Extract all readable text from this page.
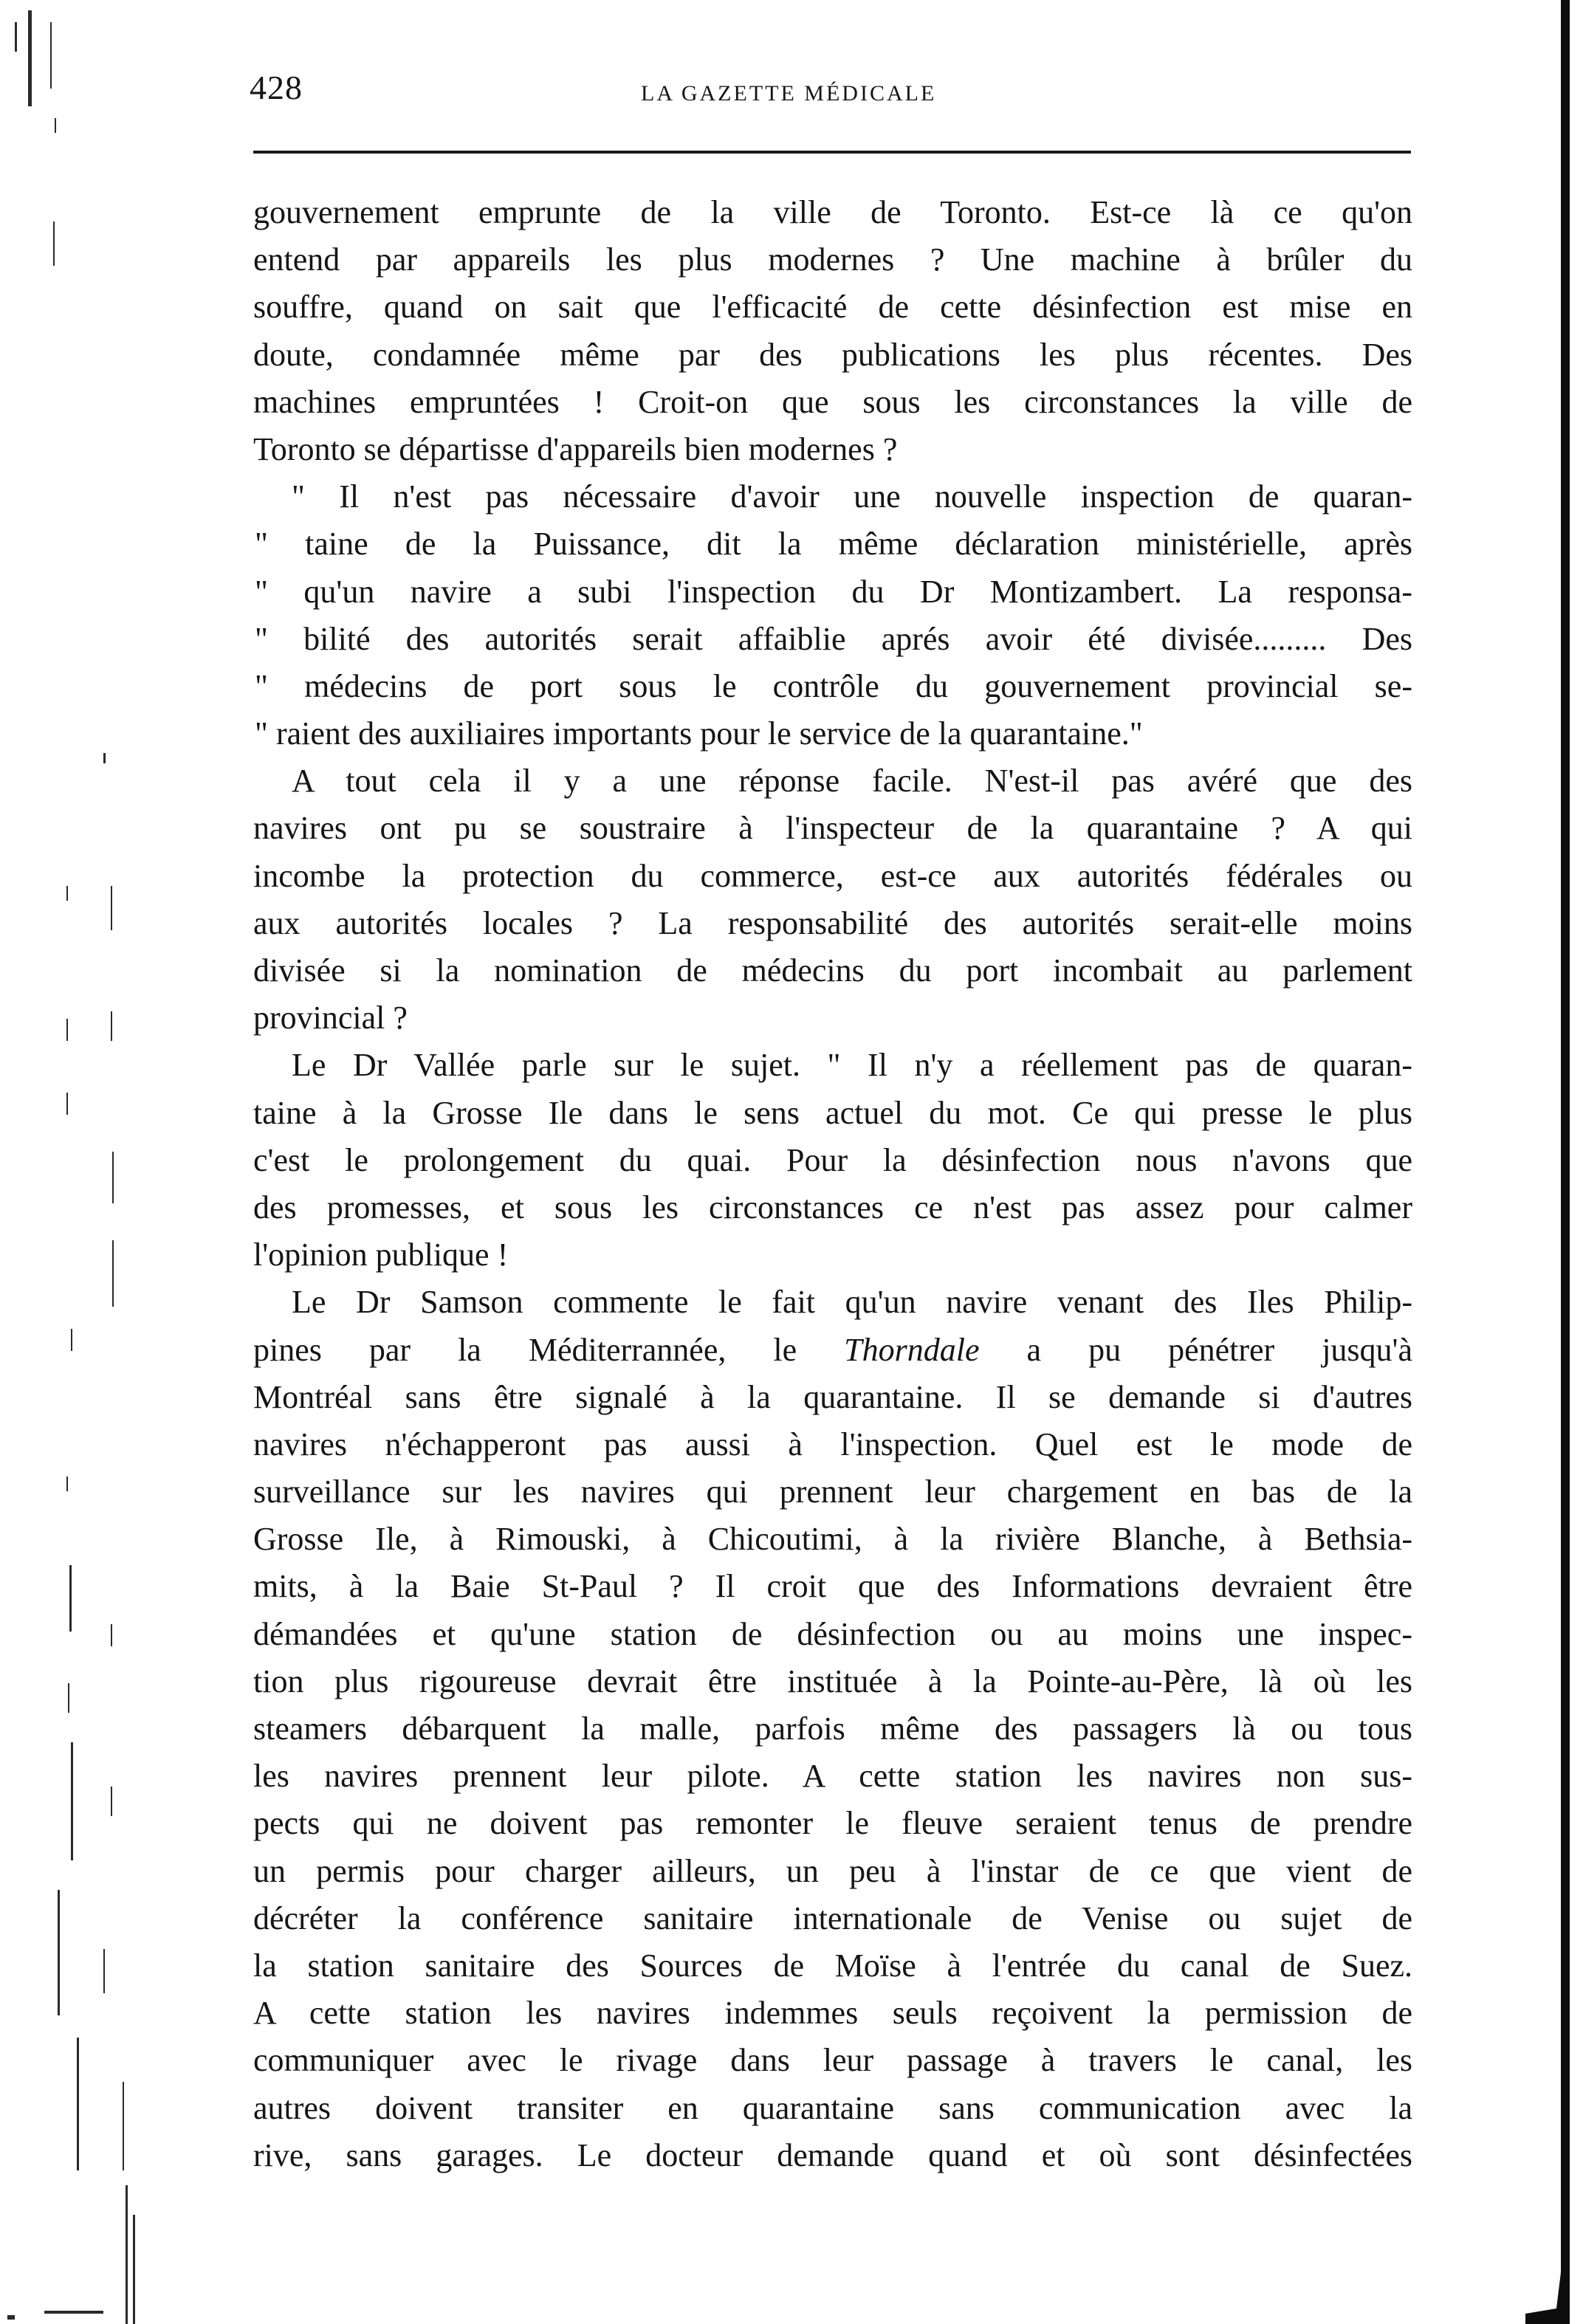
428	LA GAZETTE MÉDICALE
gouvernement emprunte de la ville de Toronto. Est-ce là ce qu'on
entend par appareils les plus modernes ? Une machine à brûler du
souffre, quand on sait que l'efficacité de cette désinfection est mise en
doute, condamnée même par des publications les plus récentes. Des
machines empruntées ! Croit-on que sous les circonstances la ville de
Toronto se départisse d'appareils bien modernes ?
" Il n'est pas nécessaire d'avoir une nouvelle inspection de quaran-
" taine de la Puissance, dit la même déclaration ministérielle, après
" qu'un navire a subi l'inspection du Dr Montizambert. La responsa-
" bilité des autorités serait affaiblie aprés avoir été divisée......... Des
" médecins de port sous le contrôle du gouvernement provincial se-
" raient des auxiliaires importants pour le service de la quarantaine."
A tout cela il y a une réponse facile. N'est-il pas avéré que des
navires ont pu se soustraire à l'inspecteur de la quarantaine ? A qui
incombe la protection du commerce, est-ce aux autorités fédérales ou
aux autorités locales ? La responsabilité des autorités serait-elle moins
divisée si la nomination de médecins du port incombait au parlement
provincial ?
Le Dr Vallée parle sur le sujet. " Il n'y a réellement pas de quaran-
taine à la Grosse Ile dans le sens actuel du mot. Ce qui presse le plus
c'est le prolongement du quai. Pour la désinfection nous n'avons que
des promesses, et sous les circonstances ce n'est pas assez pour calmer
l'opinion publique !
Le Dr Samson commente le fait qu'un navire venant des Iles Philip-
pines par la Méditerrannée, le Thorndale a pu pénétrer jusqu'à
Montréal sans être signalé à la quarantaine. Il se demande si d'autres
navires n'échapperont pas aussi à l'inspection. Quel est le mode de
surveillance sur les navires qui prennent leur chargement en bas de la
Grosse Ile, à Rimouski, à Chicoutimi, à la rivière Blanche, à Bethsia-
mits, à la Baie St-Paul ? Il croit que des Informations devraient être
démandées et qu'une station de désinfection ou au moins une inspec-
tion plus rigoureuse devrait être instituée à la Pointe-au-Père, là où les
steamers débarquent la malle, parfois même des passagers là ou tous
les navires prennent leur pilote. A cette station les navires non sus-
pects qui ne doivent pas remonter le fleuve seraient tenus de prendre
un permis pour charger ailleurs, un peu à l'instar de ce que vient de
décréter la conférence sanitaire internationale de Venise ou sujet de
la station sanitaire des Sources de Moïse à l'entrée du canal de Suez.
A cette station les navires indemmes seuls reçoivent la permission de
communiquer avec le rivage dans leur passage à travers le canal, les
autres doivent transiter en quarantaine sans communication avec la
rive, sans garages. Le docteur demande quand et où sont désinfectées
